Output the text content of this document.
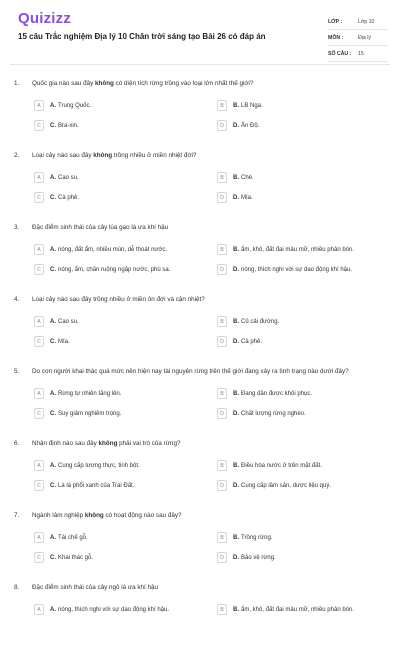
Quizizz
15 câu Trắc nghiệm Địa lý 10 Chân trời sáng tạo Bài 26 có đáp án
LỚP :	Lớp 10
MÔN :	Địa lý
SỐ CÂU :	15
1.	Quốc gia nào sau đây không có diện tích rừng trồng vào loại lớn nhất thế giới?
A	A. Trung Quốc.	B	B. LB Nga.
C	C. Bra-xin.	D	D. Ấn Độ.
2.	Loại cây nào sau đây không trồng nhiều ở miền nhiệt đới?
A	A. Cao su.	B	B. Chè.
C	C. Cà phê.	D	D. Mía.
3.	Đặc điểm sinh thái của cây lúa gạo là ưa khí hậu
A	A. nóng, đất ẩm, nhiều mùn, dễ thoát nước.	B	B. ẩm, khô, đất đai màu mỡ, nhiều phân bón.
C	C. nóng, ẩm, chân ruộng ngập nước, phù sa.	D	D. nóng, thích nghi với sự dao động khí hậu.
4.	Loại cây nào sau đây trồng nhiều ở miền ôn đới và cận nhiệt?
A	A. Cao su.	B	B. Củ cải đường.
C	C. Mía.	D	D. Cà phê.
5.	Do con người khai thác quá mức nên hiện nay tài nguyên rừng trên thế giới đang xảy ra tình trạng nào dưới đây?
A	A. Rừng tự nhiên tăng lên.	B	B. Đang dần được khôi phục.
C	C. Suy giảm nghiêm trọng.	D	D. Chất lượng rừng nghèo.
6.	Nhận định nào sau đây không phải vai trò của rừng?
A	A. Cung cấp lương thực, tinh bột.	B	B. Điều hòa nước ở trên mặt đất.
C	C. Là lá phổi xanh của Trái Đất.	D	D. Cung cấp lâm sản, dược liệu quý.
7.	Ngành lâm nghiệp không có hoạt động nào sau đây?
A	A. Tái chế gỗ.	B	B. Trồng rừng.
C	C. Khai thác gỗ.	D	D. Bảo vệ rừng.
8.	Đặc điểm sinh thái của cây ngô là ưa khí hậu
A	A. nóng, thích nghi với sự dao động khí hậu.	B	B. ẩm, khô, đất đai màu mỡ, nhiều phân bón.
